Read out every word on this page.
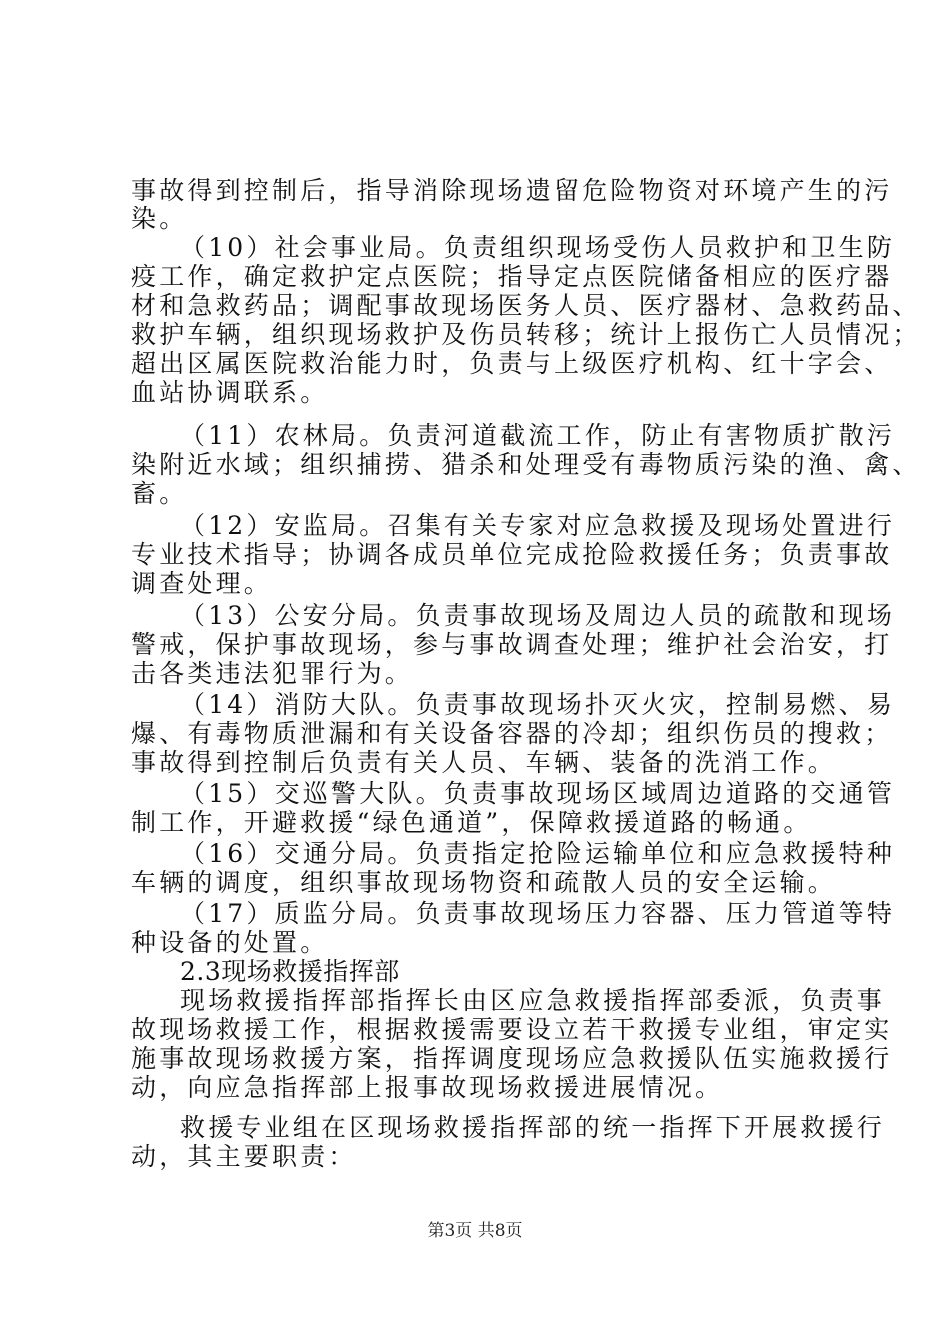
事故得到控制后，指导消除现场遗留危险物资对环境产生的污
染。
（10）社会事业局。负责组织现场受伤人员救护和卫生防
疫工作，确定救护定点医院；指导定点医院储备相应的医疗器
材和急救药品；调配事故现场医务人员、医疗器材、急救药品、
救护车辆，组织现场救护及伤员转移；统计上报伤亡人员情况；
超出区属医院救治能力时，负责与上级医疗机构、红十字会、
血站协调联系。
（11）农林局。负责河道截流工作，防止有害物质扩散污
染附近水域；组织捕捞、猎杀和处理受有毒物质污染的渔、禽、
畜。
（12）安监局。召集有关专家对应急救援及现场处置进行
专业技术指导；协调各成员单位完成抢险救援任务；负责事故
调查处理。
（13）公安分局。负责事故现场及周边人员的疏散和现场
警戒，保护事故现场，参与事故调查处理；维护社会治安，打
击各类违法犯罪行为。
（14）消防大队。负责事故现场扑灭火灾，控制易燃、易
爆、有毒物质泄漏和有关设备容器的冷却；组织伤员的搜救；
事故得到控制后负责有关人员、车辆、装备的洗消工作。
（15）交巡警大队。负责事故现场区域周边道路的交通管
制工作，开避救援“绿色通道”，保障救援道路的畅通。
（16）交通分局。负责指定抢险运输单位和应急救援特种
车辆的调度，组织事故现场物资和疏散人员的安全运输。
（17）质监分局。负责事故现场压力容器、压力管道等特
种设备的处置。
2.3现场救援指挥部
现场救援指挥部指挥长由区应急救援指挥部委派，负责事
故现场救援工作，根据救援需要设立若干救援专业组，审定实
施事故现场救援方案，指挥调度现场应急救援队伍实施救援行
动，向应急指挥部上报事故现场救援进展情况。
救援专业组在区现场救援指挥部的统一指挥下开展救援行
动，其主要职责：
第3页 共8页
